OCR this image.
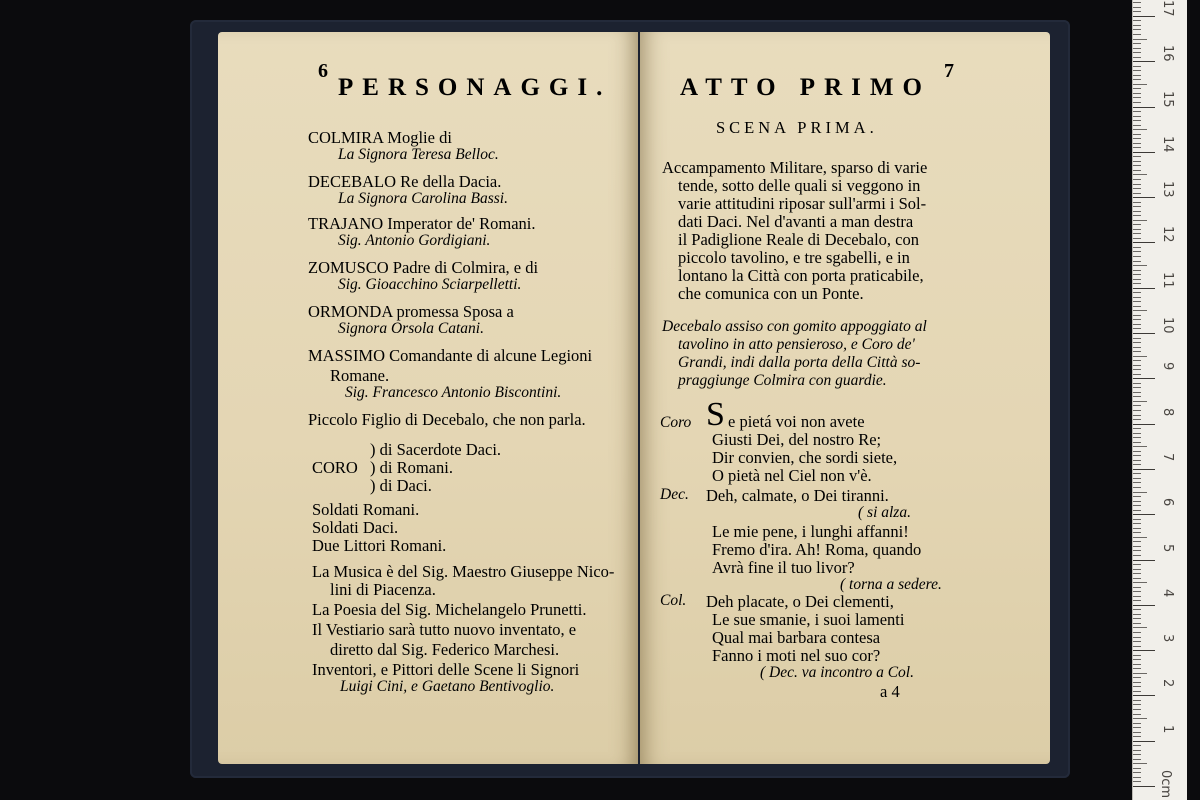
6
PERSONAGGI.
COLMIRA Moglie di
La Signora Teresa Belloc.
DECEBALO Re della Dacia.
La Signora Carolina Bassi.
TRAJANO Imperator de' Romani.
Sig. Antonio Gordigiani.
ZOMUSCO Padre di Colmira, e di
Sig. Gioacchino Sciarpelletti.
ORMONDA promessa Sposa a
Signora Orsola Catani.
MASSIMO Comandante di alcune Legioni
Romane.
Sig. Francesco Antonio Biscontini.
Piccolo Figlio di Decebalo, che non parla.
) di Sacerdote Daci.
CORO ) di Romani.
) di Daci.
Soldati Romani.
Soldati Daci.
Due Littori Romani.
La Musica è del Sig. Maestro Giuseppe Nico-
lini di Piacenza.
La Poesia del Sig. Michelangelo Prunetti.
Il Vestiario sarà tutto nuovo inventato, e
diretto dal Sig. Federico Marchesi.
Inventori, e Pittori delle Scene li Signori
Luigi Cini, e Gaetano Bentivoglio.
ATTO PRIMO
7
SCENA PRIMA.
Accampamento Militare, sparso di varie
tende, sotto delle quali si veggono in
varie attitudini riposar sull'armi i Sol-
dati Daci. Nel d'avanti a man destra
il Padiglione Reale di Decebalo, con
piccolo tavolino, e tre sgabelli, e in
lontano la Città con porta praticabile,
che comunica con un Ponte.
Decebalo assiso con gomito appoggiato al
tavolino in atto pensieroso, e Coro de'
Grandi, indi dalla porta della Città so-
praggiunge Colmira con guardie.
Coro S e pietá voi non avete
Giusti Dei, del nostro Re;
Dir convien, che sordi siete,
O pietà nel Ciel non v'è.
Dec. Deh, calmate, o Dei tiranni.
( si alza.
Le mie pene, i lunghi affanni!
Fremo d'ira. Ah! Roma, quando
Avrà fine il tuo livor?
( torna a sedere.
Col. Deh placate, o Dei clementi,
Le sue smanie, i suoi lamenti
Qual mai barbara contesa
Fanno i moti nel suo cor?
( Dec. va incontro a Col.
a 4
0cm
1
2
3
4
5
6
7
8
9
10
11
12
13
14
15
16
17
